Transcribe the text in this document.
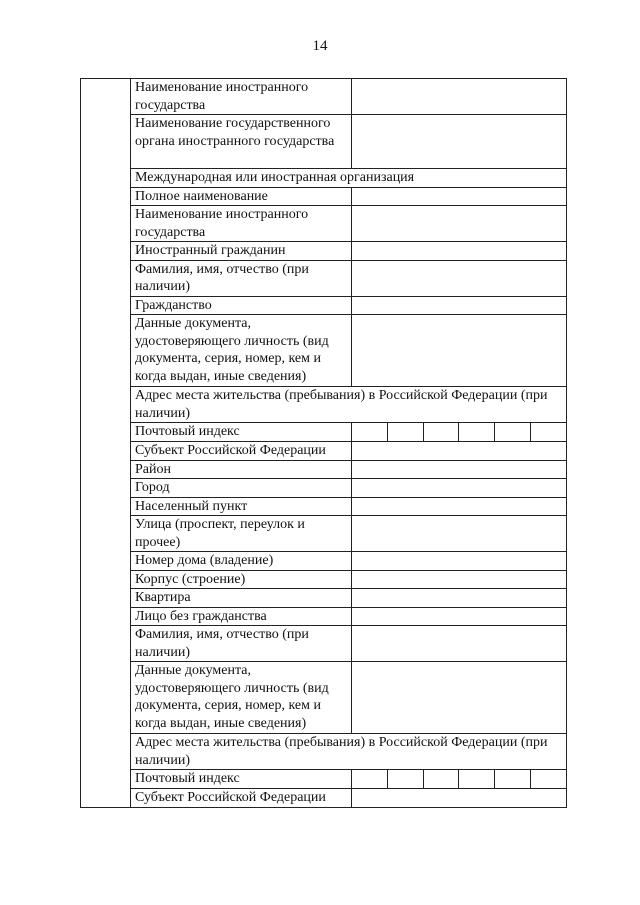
14
	Наименование иностранного государства	
	Наименование государственного органа иностранного государства	
	Международная или иностранная организация	
	Полное наименование	
	Наименование иностранного государства	
	Иностранный гражданин	
	Фамилия, имя, отчество (при наличии)	
	Гражданство	
	Данные документа, удостоверяющего личность (вид документа, серия, номер, кем и когда выдан, иные сведения)	
	Адрес места жительства (пребывания) в Российской Федерации (при наличии)	
	Почтовый индекс	

	Субъект Российской Федерации	
	Район	
	Город	
	Населенный пункт	
	Улица (проспект, переулок и прочее)	
	Номер дома (владение)	
	Корпус (строение)	
	Квартира	
	Лицо без гражданства	
	Фамилия, имя, отчество (при наличии)	
	Данные документа, удостоверяющего личность (вид документа, серия, номер, кем и когда выдан, иные сведения)	
	Адрес места жительства (пребывания) в Российской Федерации (при наличии)	
	Почтовый индекс	

	Субъект Российской Федерации	
